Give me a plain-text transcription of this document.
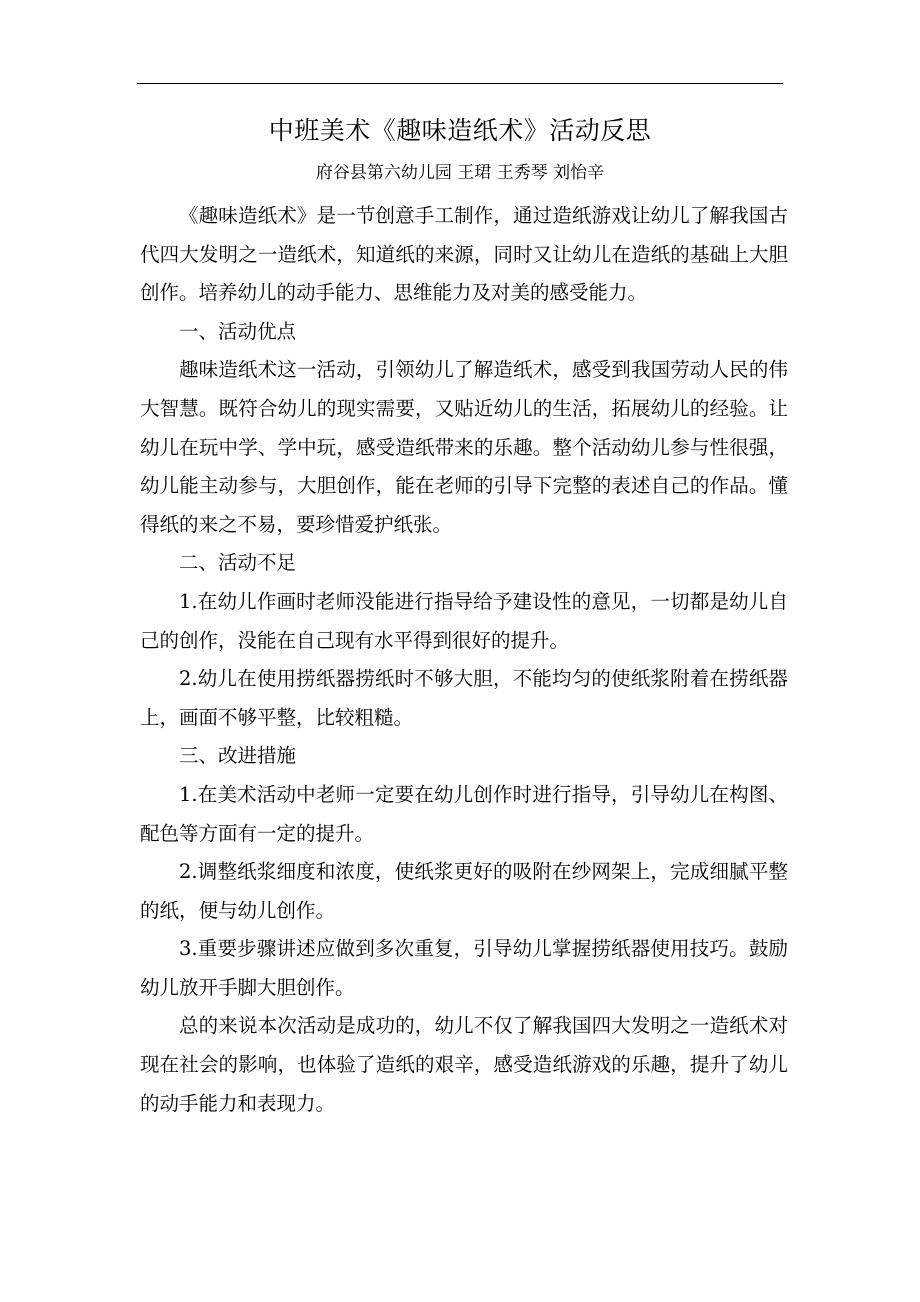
中班美术《趣味造纸术》活动反思
府谷县第六幼儿园 王珺 王秀琴 刘怡辛

《趣味造纸术》是一节创意手工制作，通过造纸游戏让幼儿了解我国古代四大发明之一造纸术，知道纸的来源，同时又让幼儿在造纸的基础上大胆创作。培养幼儿的动手能力、思维能力及对美的感受能力。

一、活动优点

趣味造纸术这一活动，引领幼儿了解造纸术，感受到我国劳动人民的伟大智慧。既符合幼儿的现实需要，又贴近幼儿的生活，拓展幼儿的经验。让幼儿在玩中学、学中玩，感受造纸带来的乐趣。整个活动幼儿参与性很强，幼儿能主动参与，大胆创作，能在老师的引导下完整的表述自己的作品。懂得纸的来之不易，要珍惜爱护纸张。

二、活动不足

1.在幼儿作画时老师没能进行指导给予建设性的意见，一切都是幼儿自己的创作，没能在自己现有水平得到很好的提升。

2.幼儿在使用捞纸器捞纸时不够大胆，不能均匀的使纸浆附着在捞纸器上，画面不够平整，比较粗糙。

三、改进措施

1.在美术活动中老师一定要在幼儿创作时进行指导，引导幼儿在构图、配色等方面有一定的提升。

2.调整纸浆细度和浓度，使纸浆更好的吸附在纱网架上，完成细腻平整的纸，便与幼儿创作。

3.重要步骤讲述应做到多次重复，引导幼儿掌握捞纸器使用技巧。鼓励幼儿放开手脚大胆创作。

总的来说本次活动是成功的，幼儿不仅了解我国四大发明之一造纸术对现在社会的影响，也体验了造纸的艰辛，感受造纸游戏的乐趣，提升了幼儿的动手能力和表现力。
